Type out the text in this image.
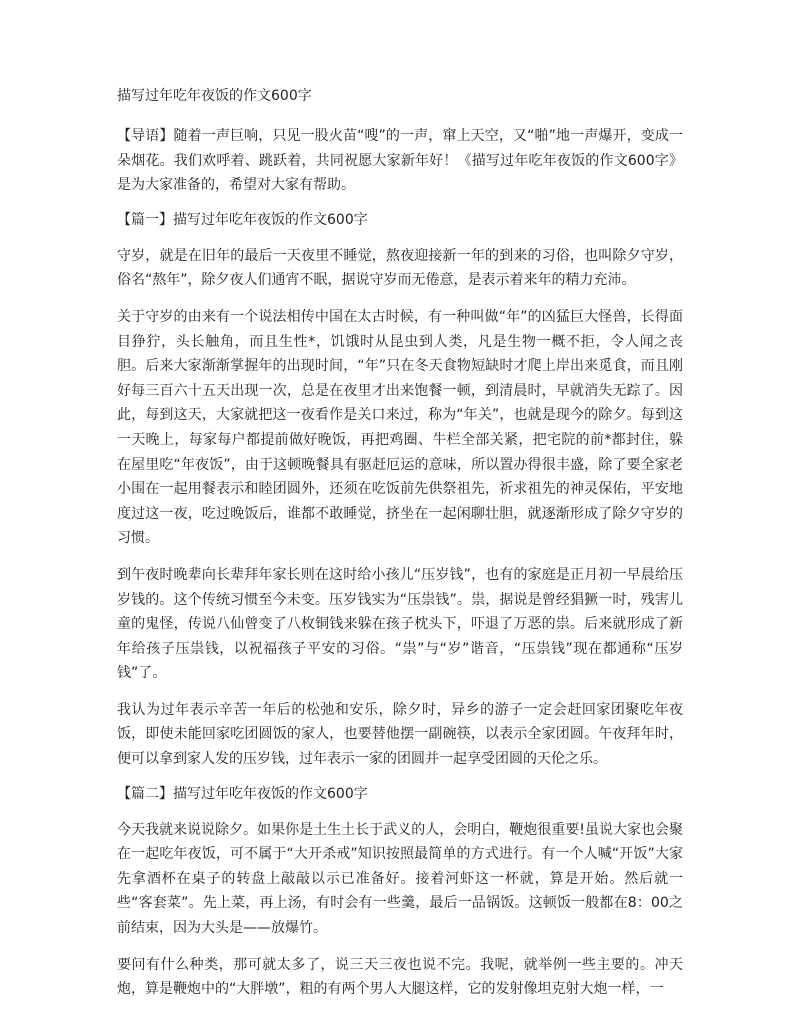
描写过年吃年夜饭的作文600字

【导语】随着一声巨响，只见一股火苗“嗖”的一声，窜上天空，又“啪”地一声爆开，变成一朵烟花。我们欢呼着、跳跃着，共同祝愿大家新年好！《描写过年吃年夜饭的作文600字》是为大家准备的，希望对大家有帮助。

【篇一】描写过年吃年夜饭的作文600字

守岁，就是在旧年的最后一天夜里不睡觉，熬夜迎接新一年的到来的习俗，也叫除夕守岁，俗名“熬年”，除夕夜人们通宵不眠，据说守岁而无倦意，是表示着来年的精力充沛。

关于守岁的由来有一个说法相传中国在太古时候，有一种叫做“年”的凶猛巨大怪兽，长得面目狰狞，头长触角，而且生性*，饥饿时从昆虫到人类，凡是生物一概不拒，令人闻之丧胆。后来大家渐渐掌握年的出现时间，“年”只在冬天食物短缺时才爬上岸出来觅食，而且刚好每三百六十五天出现一次，总是在夜里才出来饱餐一顿，到清晨时，早就消失无踪了。因此，每到这天，大家就把这一夜看作是关口来过，称为“年关”，也就是现今的除夕。每到这一天晚上，每家每户都提前做好晚饭，再把鸡圈、牛栏全部关紧，把宅院的前*都封住，躲在屋里吃“年夜饭”，由于这顿晚餐具有驱赶厄运的意味，所以置办得很丰盛，除了要全家老小围在一起用餐表示和睦团圆外，还须在吃饭前先供祭祖先，祈求祖先的神灵保佑，平安地度过这一夜，吃过晚饭后，谁都不敢睡觉，挤坐在一起闲聊壮胆，就逐渐形成了除夕守岁的习惯。

到午夜时晚辈向长辈拜年家长则在这时给小孩儿“压岁钱”，也有的家庭是正月初一早晨给压岁钱的。这个传统习惯至今未变。压岁钱实为“压祟钱”。祟，据说是曾经猖獗一时，残害儿童的鬼怪，传说八仙曾变了八枚铜钱来躲在孩子枕头下，吓退了万恶的祟。后来就形成了新年给孩子压祟钱，以祝福孩子平安的习俗。“祟”与“岁”谐音，“压祟钱”现在都通称“压岁钱”了。

我认为过年表示辛苦一年后的松弛和安乐，除夕时，异乡的游子一定会赶回家团聚吃年夜饭，即使未能回家吃团圆饭的家人，也要替他摆一副碗筷，以表示全家团圆。午夜拜年时，便可以拿到家人发的压岁钱，过年表示一家的团圆并一起享受团圆的天伦之乐。

【篇二】描写过年吃年夜饭的作文600字

今天我就来说说除夕。如果你是土生土长于武义的人，会明白，鞭炮很重要!虽说大家也会聚在一起吃年夜饭，可不属于“大开杀戒”知识按照最简单的方式进行。有一个人喊“开饭”大家先拿酒杯在桌子的转盘上敲敲以示已准备好。接着河虾这一杯就，算是开始。然后就一些“客套菜”。先上菜，再上汤，有时会有一些羹，最后一品锅饭。这顿饭一般都在8：00之前结束，因为大头是——放爆竹。

要问有什么种类，那可就太多了，说三天三夜也说不完。我呢，就举例一些主要的。冲天炮，算是鞭炮中的“大胖墩”，粗的有两个男人大腿这样，它的发射像坦克射大炮一样，一
